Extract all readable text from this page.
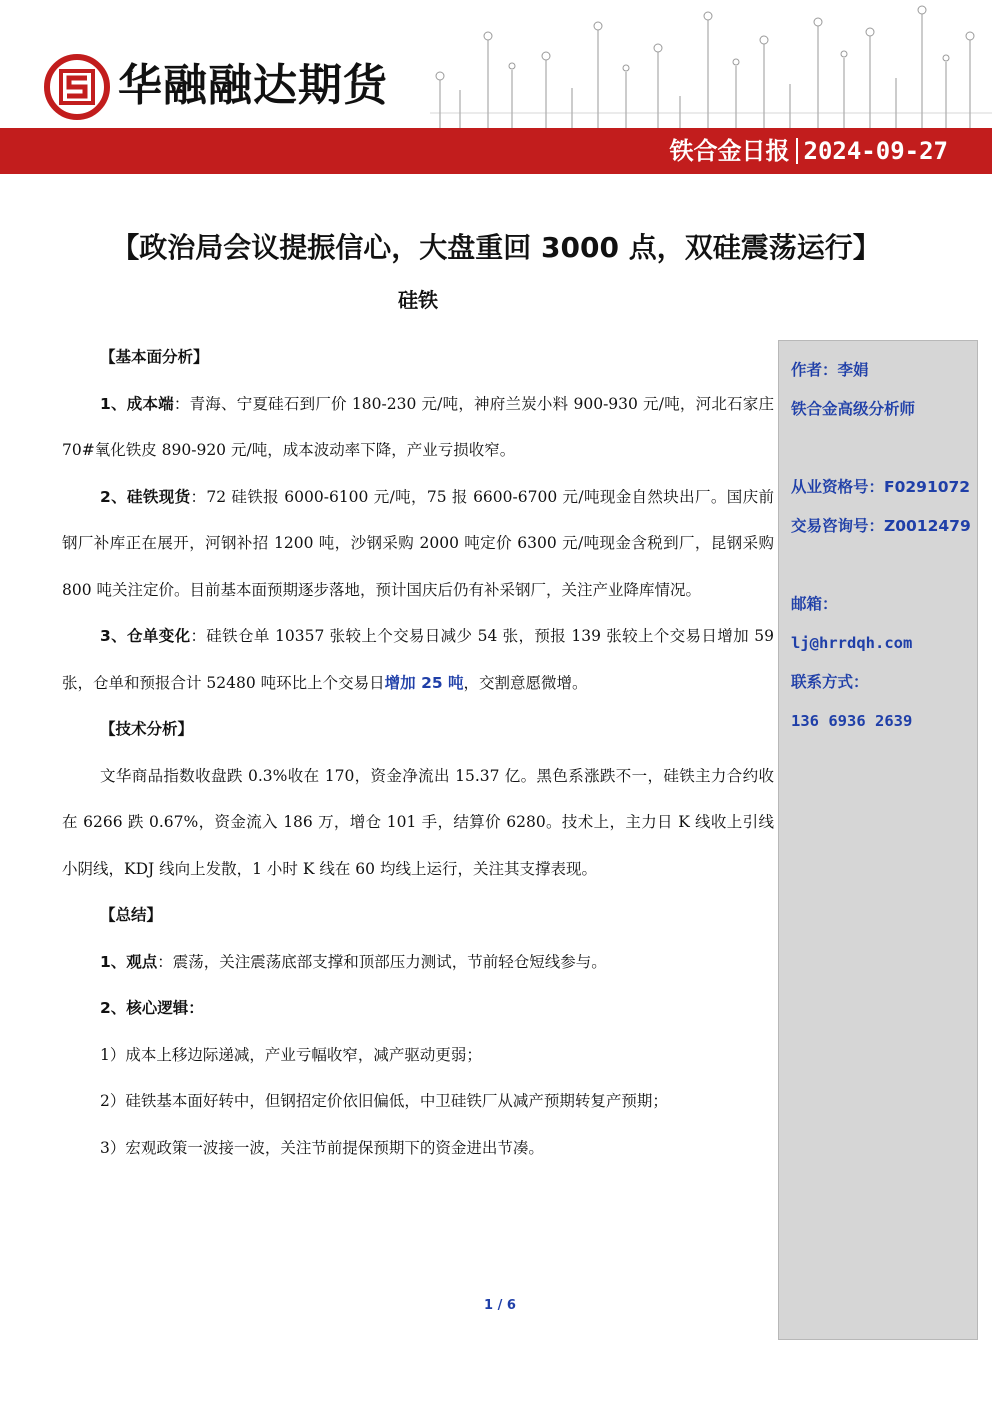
华融融达期货
铁合金日报 2024-09-27
【政治局会议提振信心，大盘重回 3000 点，双硅震荡运行】
硅铁
【基本面分析】
1、成本端：青海、宁夏硅石到厂价 180-230 元/吨，神府兰炭小料 900-930 元/吨，河北石家庄 70#氧化铁皮 890-920 元/吨，成本波动率下降，产业亏损收窄。
2、硅铁现货：72 硅铁报 6000-6100 元/吨，75 报 6600-6700 元/吨现金自然块出厂。国庆前钢厂补库正在展开，河钢补招 1200 吨，沙钢采购 2000 吨定价 6300 元/吨现金含税到厂，昆钢采购 800 吨关注定价。目前基本面预期逐步落地，预计国庆后仍有补采钢厂，关注产业降库情况。
3、仓单变化：硅铁仓单 10357 张较上个交易日减少 54 张，预报 139 张较上个交易日增加 59 张，仓单和预报合计 52480 吨环比上个交易日增加 25 吨，交割意愿微增。
【技术分析】
文华商品指数收盘跌 0.3%收在 170，资金净流出 15.37 亿。黑色系涨跌不一，硅铁主力合约收在 6266 跌 0.67%，资金流入 186 万，增仓 101 手，结算价 6280。技术上，主力日 K 线收上引线小阴线，KDJ 线向上发散，1 小时 K 线在 60 均线上运行，关注其支撑表现。
【总结】
1、观点：震荡，关注震荡底部支撑和顶部压力测试，节前轻仓短线参与。
2、核心逻辑：
1）成本上移边际递减，产业亏幅收窄，减产驱动更弱；
2）硅铁基本面好转中，但钢招定价依旧偏低，中卫硅铁厂从减产预期转复产预期；
3）宏观政策一波接一波，关注节前提保预期下的资金进出节凑。
作者：李娟
铁合金高级分析师
从业资格号：F0291072
交易咨询号：Z0012479
邮箱：
lj@hrrdqh.com
联系方式：
136 6936 2639
1 / 6
